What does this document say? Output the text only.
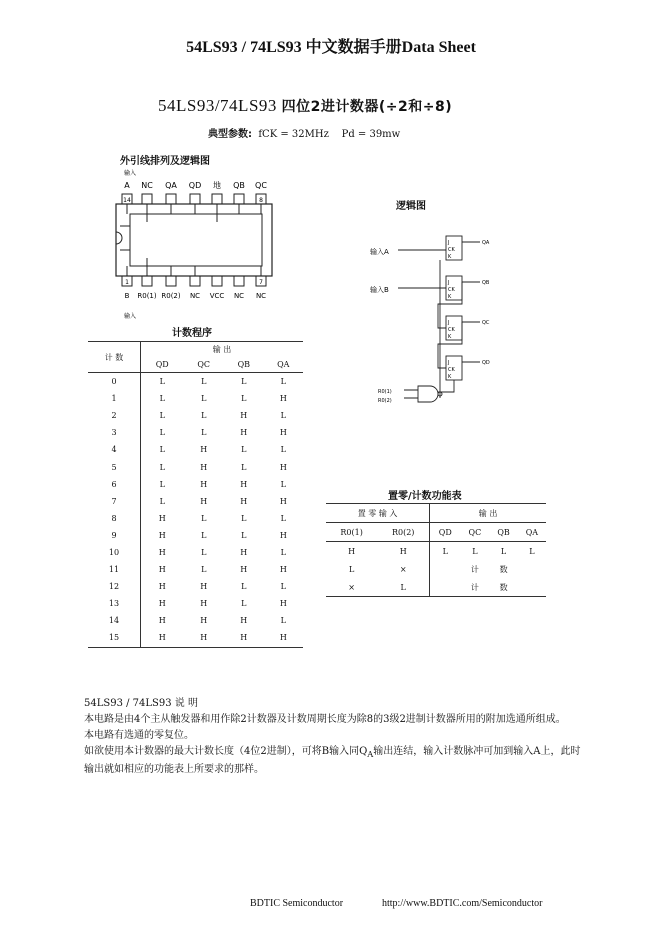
54LS93 / 74LS93 中文数据手册Data Sheet
54LS93/74LS93 四位2进计数器(÷2和÷8)
典型参数: fCK = 32MHz Pd = 39mw
外引线排列及逻辑图
输入
A NC QA QD 地 QB QC
B R0(1) R0(2) NC VCC NC NC
14	8
1	7
输入
逻辑图
输入A
输入B
R0(1)
R0(2)
J
CK
K
J
CK
K
J
CK
K
J
CK
K
QA
QB
QC
QD
计数程序
计 数	输 出			
	QD	QC	QB	QA
0	L	L	L	L
1	L	L	L	H
2	L	L	H	L
3	L	L	H	H
4	L	H	L	L
5	L	H	L	H
6	L	H	H	L
7	L	H	H	H
8	H	L	L	L
9	H	L	L	H
10	H	L	H	L
11	H	L	H	H
12	H	H	L	L
13	H	H	L	H
14	H	H	H	L
15	H	H	H	H
置零/计数功能表
置 零 输 入		输 出			
R0(1)	R0(2)	QD	QC	QB	QA
H	H	L	L	L	L
L	×		计	数	
×	L		计	数	

54LS93 / 74LS93 说 明

本电路是由4个主从触发器和用作除2计数器及计数周期长度为除8的3级2进制计数器所用的附加选通所组成。

本电路有选通的零复位。

如欲使用本计数器的最大计数长度（4位2进制），可将B输入同$Q_A$输出连结，输入计数脉冲可加到输入A上，此时输出就如相应的功能表上所要求的那样。

BDTIC Semiconductor	http://www.BDTIC.com/Semiconductor
